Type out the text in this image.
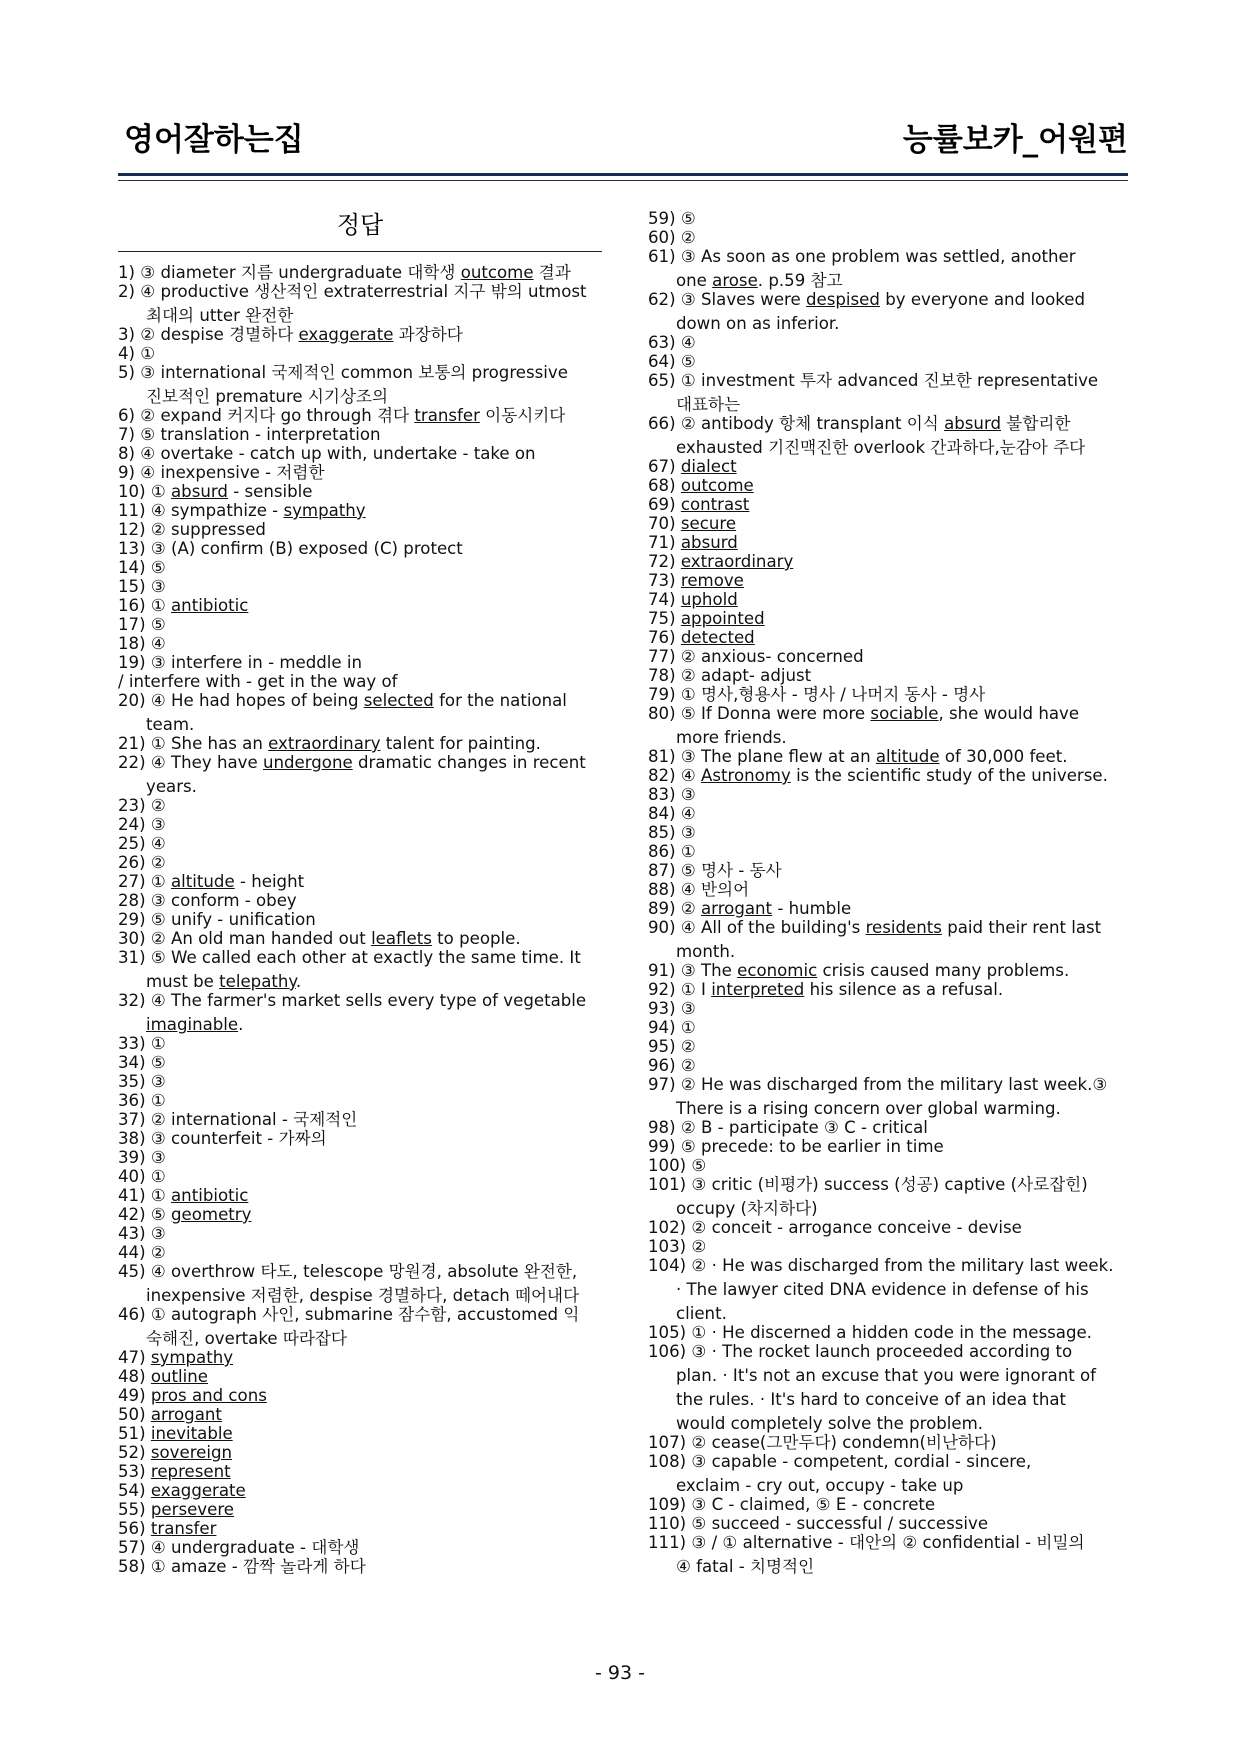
영어잘하는집	능률보카_어원편
정답

1) ③ diameter 지름 undergraduate 대학생 outcome 결과

2) ④ productive 생산적인 extraterrestrial 지구 밖의 utmost
최대의 utter 완전한

3) ② despise 경멸하다 exaggerate 과장하다

4) ①

5) ③ international 국제적인 common 보통의 progressive
진보적인 premature 시기상조의

6) ② expand 커지다 go through 겪다 transfer 이동시키다

7) ⑤ translation - interpretation

8) ④ overtake - catch up with, undertake - take on

9) ④ inexpensive - 저렴한

10) ① absurd - sensible

11) ④ sympathize - sympathy

12) ② suppressed

13) ③ (A) confirm (B) exposed (C) protect

14) ⑤

15) ③

16) ① antibiotic

17) ⑤

18) ④

19) ③ interfere in - meddle in

/ interfere with - get in the way of

20) ④ He had hopes of being selected for the national
team.

21) ① She has an extraordinary talent for painting.

22) ④ They have undergone dramatic changes in recent
years.

23) ②

24) ③

25) ④

26) ②

27) ① altitude - height

28) ③ conform - obey

29) ⑤ unify - unification

30) ② An old man handed out leaflets to people.

31) ⑤ We called each other at exactly the same time. It
must be telepathy.

32) ④ The farmer's market sells every type of vegetable
imaginable.

33) ①

34) ⑤

35) ③

36) ①

37) ② international - 국제적인

38) ③ counterfeit - 가짜의

39) ③

40) ①

41) ① antibiotic

42) ⑤ geometry

43) ③

44) ②

45) ④ overthrow 타도, telescope 망원경, absolute 완전한,
inexpensive 저렴한, despise 경멸하다, detach 떼어내다

46) ① autograph 사인, submarine 잠수함, accustomed 익
숙해진, overtake 따라잡다

47) sympathy

48) outline

49) pros and cons

50) arrogant

51) inevitable

52) sovereign

53) represent

54) exaggerate

55) persevere

56) transfer

57) ④ undergraduate - 대학생

58) ① amaze - 깜짝 놀라게 하다

59) ⑤

60) ②

61) ③ As soon as one problem was settled, another
one arose. p.59 참고

62) ③ Slaves were despised by everyone and looked
down on as inferior.

63) ④

64) ⑤

65) ① investment 투자 advanced 진보한 representative
대표하는

66) ② antibody 항체 transplant 이식 absurd 불합리한
exhausted 기진맥진한 overlook 간과하다,눈감아 주다

67) dialect

68) outcome

69) contrast

70) secure

71) absurd

72) extraordinary

73) remove

74) uphold

75) appointed

76) detected

77) ② anxious- concerned

78) ② adapt- adjust

79) ① 명사,형용사 - 명사 / 나머지 동사 - 명사

80) ⑤ If Donna were more sociable, she would have
more friends.

81) ③ The plane flew at an altitude of 30,000 feet.

82) ④ Astronomy is the scientific study of the universe.

83) ③

84) ④

85) ③

86) ①

87) ⑤ 명사 - 동사

88) ④ 반의어

89) ② arrogant - humble

90) ④ All of the building's residents paid their rent last
month.

91) ③ The economic crisis caused many problems.

92) ① I interpreted his silence as a refusal.

93) ③

94) ①

95) ②

96) ②

97) ② He was discharged from the military last week.③
There is a rising concern over global warming.

98) ② B - participate ③ C - critical

99) ⑤ precede: to be earlier in time

100) ⑤

101) ③ critic (비평가) success (성공) captive (사로잡힌)
occupy (차지하다)

102) ② conceit - arrogance conceive - devise

103) ②

104) ② · He was discharged from the military last week.
· The lawyer cited DNA evidence in defense of his
client.

105) ① · He discerned a hidden code in the message.

106) ③ · The rocket launch proceeded according to
plan. · It's not an excuse that you were ignorant of
the rules. · It's hard to conceive of an idea that
would completely solve the problem.

107) ② cease(그만두다) condemn(비난하다)

108) ③ capable - competent, cordial - sincere,
exclaim - cry out, occupy - take up

109) ③ C - claimed, ⑤ E - concrete

110) ⑤ succeed - successful / successive

111) ③ / ① alternative - 대안의 ② confidential - 비밀의
④ fatal - 치명적인

- 93 -
